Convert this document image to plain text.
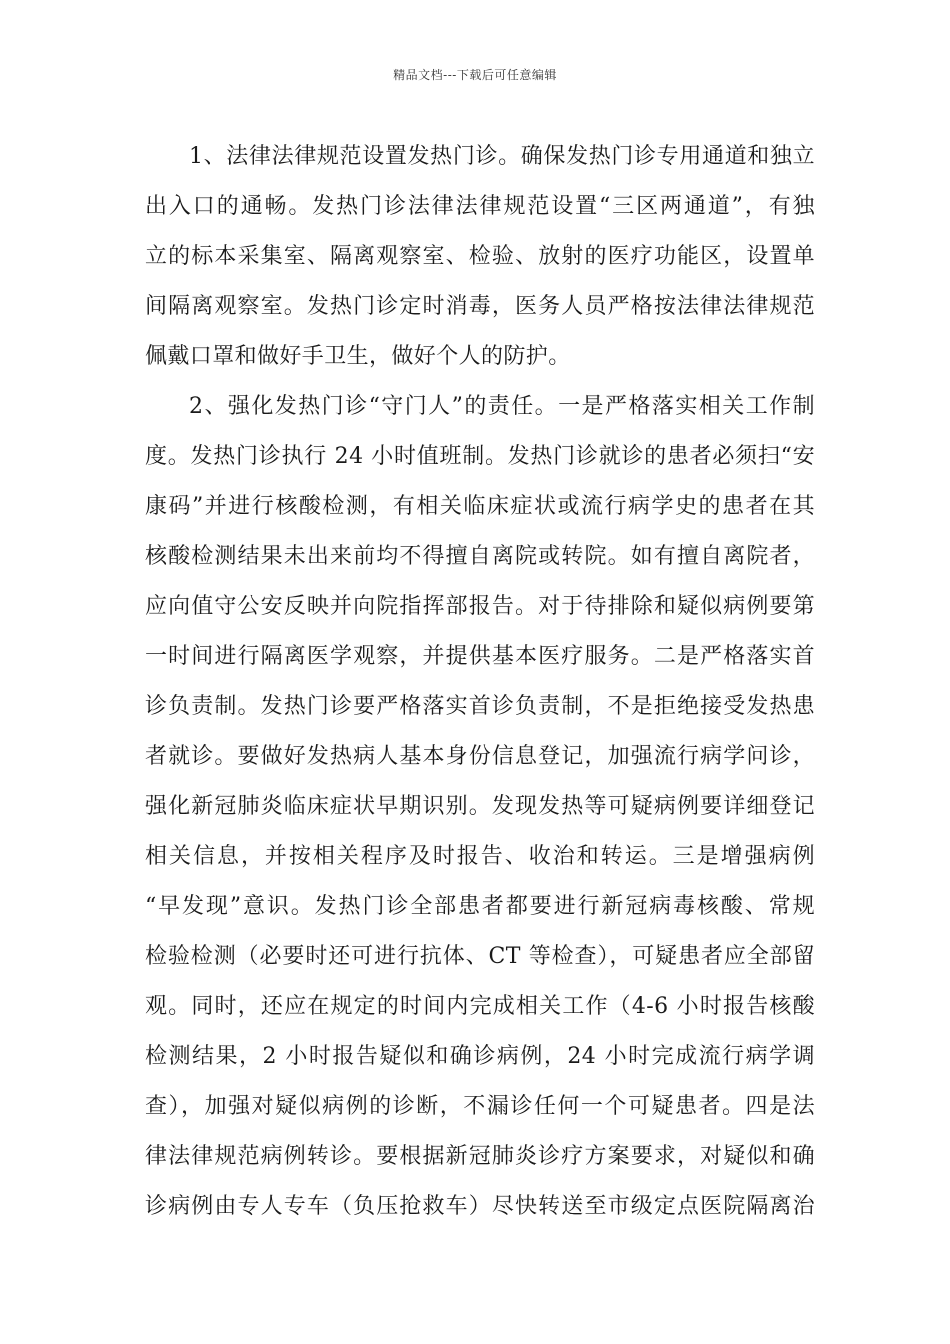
精品文档---下载后可任意编辑
1、法律法律规范设置发热门诊。确保发热门诊专用通道和独立
出入口的通畅。发热门诊法律法律规范设置“三区两通道”，有独
立的标本采集室、隔离观察室、检验、放射的医疗功能区，设置单
间隔离观察室。发热门诊定时消毒，医务人员严格按法律法律规范
佩戴口罩和做好手卫生，做好个人的防护。
2、强化发热门诊“守门人”的责任。一是严格落实相关工作制
度。发热门诊执行 24 小时值班制。发热门诊就诊的患者必须扫“安
康码”并进行核酸检测，有相关临床症状或流行病学史的患者在其
核酸检测结果未出来前均不得擅自离院或转院。如有擅自离院者，
应向值守公安反映并向院指挥部报告。对于待排除和疑似病例要第
一时间进行隔离医学观察，并提供基本医疗服务。二是严格落实首
诊负责制。发热门诊要严格落实首诊负责制，不是拒绝接受发热患
者就诊。要做好发热病人基本身份信息登记，加强流行病学问诊，
强化新冠肺炎临床症状早期识别。发现发热等可疑病例要详细登记
相关信息，并按相关程序及时报告、收治和转运。三是增强病例
“早发现”意识。发热门诊全部患者都要进行新冠病毒核酸、常规
检验检测（必要时还可进行抗体、CT 等检查），可疑患者应全部留
观。同时，还应在规定的时间内完成相关工作（4-6 小时报告核酸
检测结果，2 小时报告疑似和确诊病例，24 小时完成流行病学调
查），加强对疑似病例的诊断，不漏诊任何一个可疑患者。四是法
律法律规范病例转诊。要根据新冠肺炎诊疗方案要求，对疑似和确
诊病例由专人专车（负压抢救车）尽快转送至市级定点医院隔离治
